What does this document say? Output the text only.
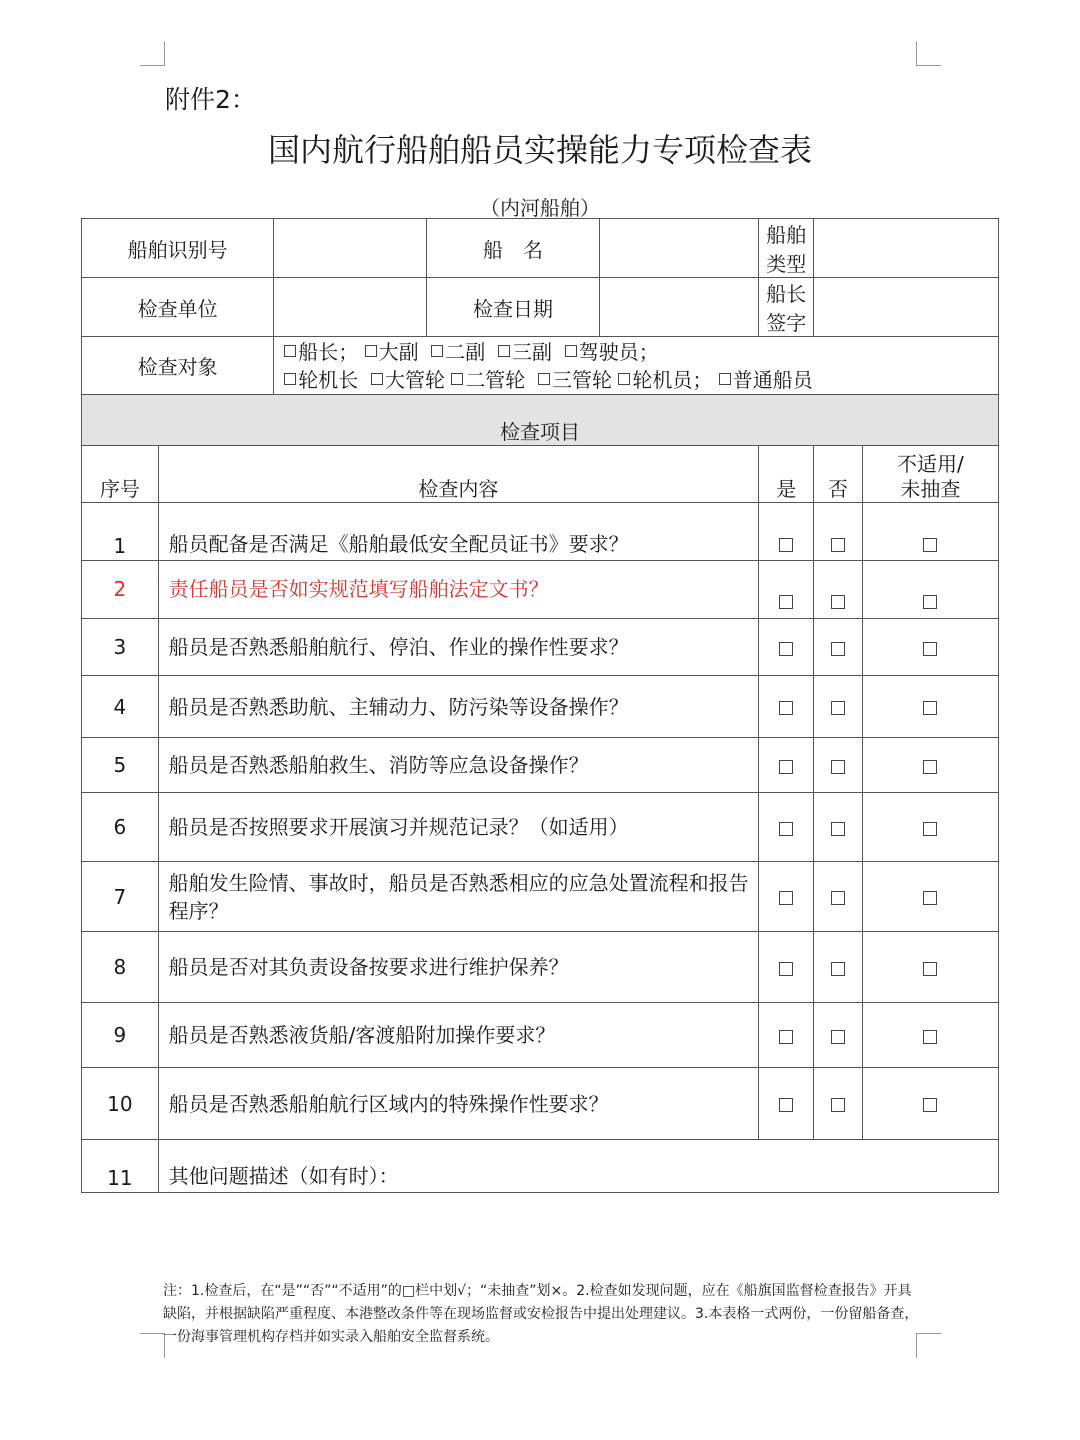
附件2：
国内航行船舶船员实操能力专项检查表
（内河船舶）
船舶识别号			船　名		船舶类型		
检查单位			检查日期		船长签字		
检查对象		船长； 大副 二副 三副 驾驶员；
轮机长 大管轮 二管轮 三管轮 轮机员； 普通船员					

检查项目							
序号	检查内容				是	否	不适用/
未抽查

1	船员配备是否满足《船舶最低安全配员证书》要求？						
2	责任船员是否如实规范填写船舶法定文书？						
3	船员是否熟悉船舶航行、停泊、作业的操作性要求？						
4	船员是否熟悉助航、主辅动力、防污染等设备操作？						
5	船员是否熟悉船舶救生、消防等应急设备操作？						
6	船员是否按照要求开展演习并规范记录？（如适用）						
7	船舶发生险情、事故时，船员是否熟悉相应的应急处置流程和报告程序？						
8	船员是否对其负责设备按要求进行维护保养？						
9	船员是否熟悉液货船/客渡船附加操作要求？						
10	船员是否熟悉船舶航行区域内的特殊操作性要求？						
11	其他问题描述（如有时）：						
注：1.检查后，在“是”“否”“不适用”的□栏中划√；“未抽查”划×。2.检查如发现问题，应在《船旗国监督检查报告》开具缺陷，并根据缺陷严重程度、本港整改条件等在现场监督或安检报告中提出处理建议。3.本表格一式两份，一份留船备查，一份海事管理机构存档并如实录入船舶安全监督系统。
